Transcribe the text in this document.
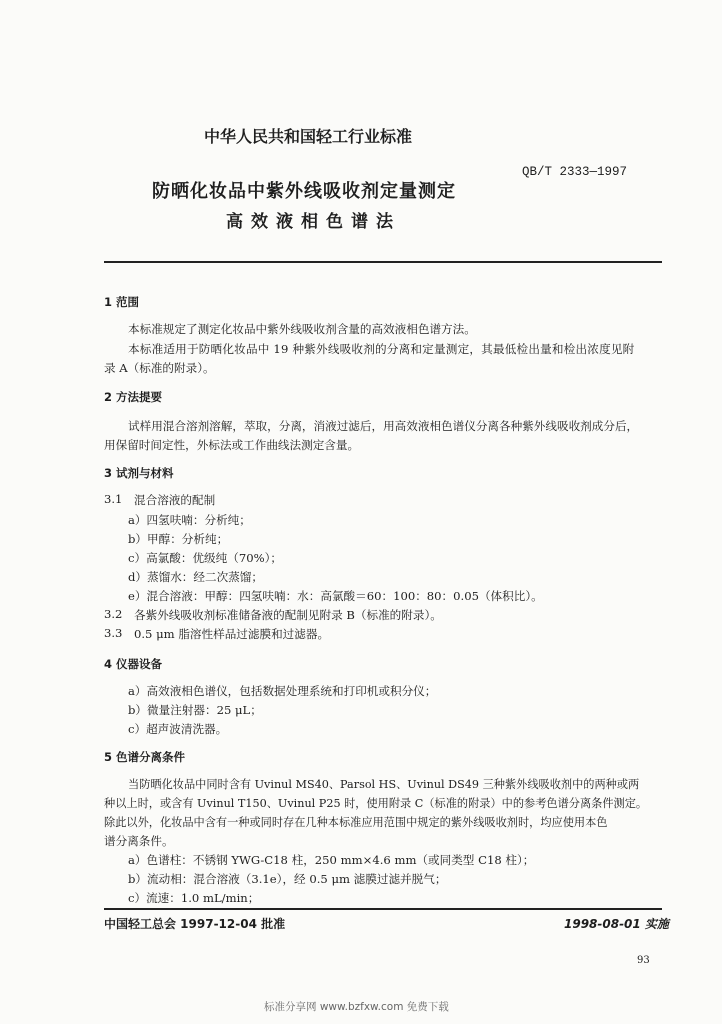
中华人民共和国轻工行业标准
QB/T 2333—1997
防晒化妆品中紫外线吸收剂定量测定
高效液相色谱法
1 范围
本标准规定了测定化妆品中紫外线吸收剂含量的高效液相色谱方法。
本标准适用于防晒化妆品中 19 种紫外线吸收剂的分离和定量测定，其最低检出量和检出浓度见附
录 A（标准的附录）。
2 方法提要
试样用混合溶剂溶解，萃取，分离，消液过滤后，用高效液相色谱仪分离各种紫外线吸收剂成分后，
用保留时间定性，外标法或工作曲线法测定含量。
3 试剂与材料
3.1 混合溶液的配制
a）四氢呋喃：分析纯；
b）甲醇：分析纯；
c）高氯酸：优级纯（70%）；
d）蒸馏水：经二次蒸馏；
e）混合溶液：甲醇：四氢呋喃：水：高氯酸＝60：100：80：0.05（体积比）。
3.2 各紫外线吸收剂标准储备液的配制见附录 B（标准的附录）。
3.3 0.5 μm 脂溶性样品过滤膜和过滤器。
4 仪器设备
a）高效液相色谱仪，包括数据处理系统和打印机或积分仪；
b）微量注射器：25 μL；
c）超声波清洗器。
5 色谱分离条件
当防晒化妆品中同时含有 Uvinul MS40、Parsol HS、Uvinul DS49 三种紫外线吸收剂中的两种或两
种以上时，或含有 Uvinul T150、Uvinul P25 时，使用附录 C（标准的附录）中的参考色谱分离条件测定。
除此以外，化妆品中含有一种或同时存在几种本标准应用范围中规定的紫外线吸收剂时，均应使用本色
谱分离条件。
a）色谱柱：不锈钢 YWG-C18 柱，250 mm×4.6 mm（或同类型 C18 柱）；
b）流动相：混合溶液（3.1e），经 0.5 μm 滤膜过滤并脱气；
c）流速：1.0 mL/min；
中国轻工总会 1997-12-04 批准	1998-08-01 实施
93
标准分享网 www.bzfxw.com 免费下载
